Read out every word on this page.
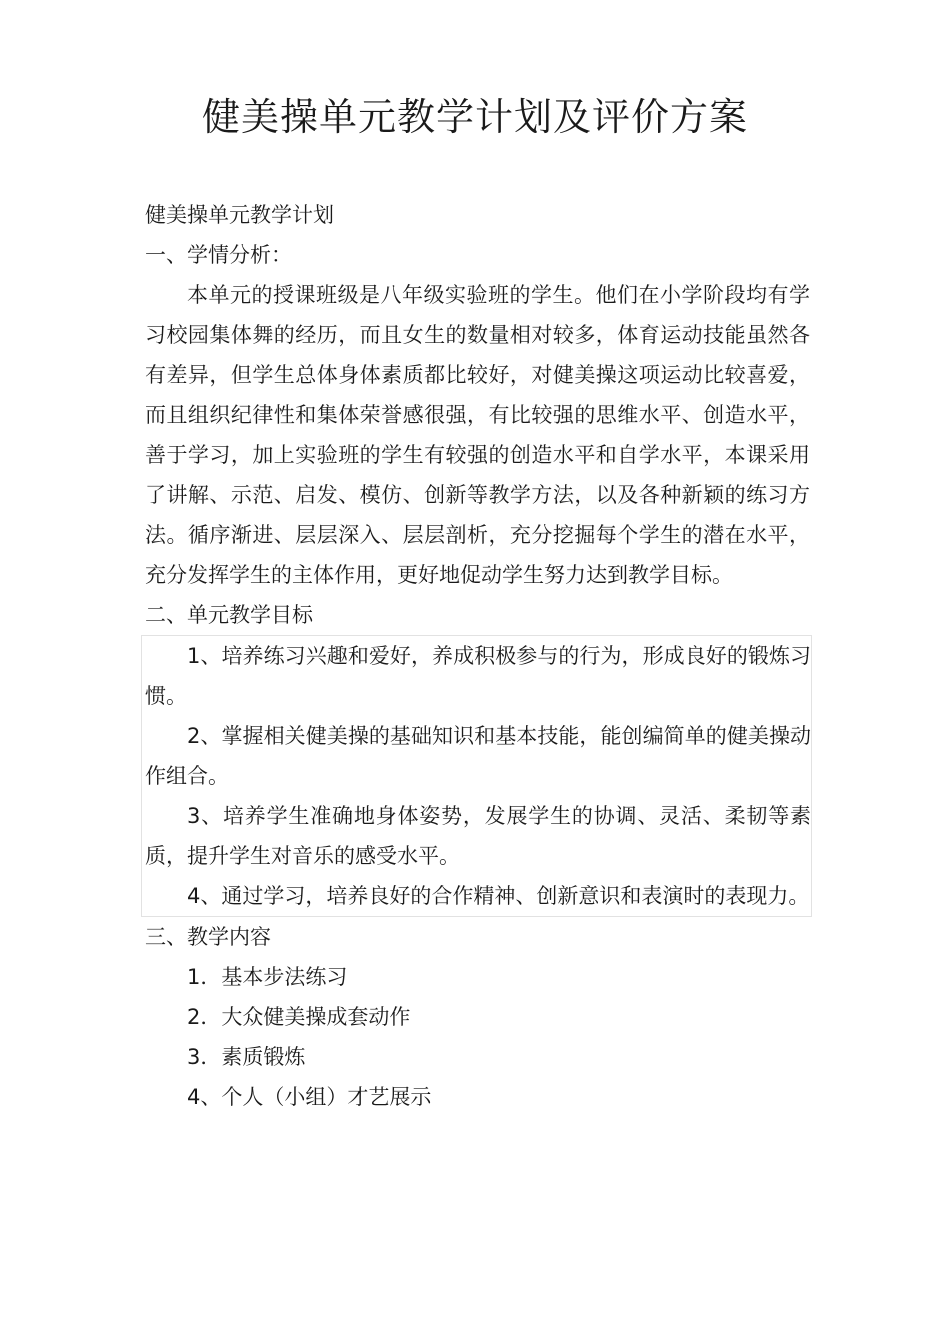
健美操单元教学计划及评价方案
健美操单元教学计划
一、学情分析：

本单元的授课班级是八年级实验班的学生。他们在小学阶段均有学习校园集体舞的经历，而且女生的数量相对较多，体育运动技能虽然各有差异，但学生总体身体素质都比较好，对健美操这项运动比较喜爱，而且组织纪律性和集体荣誉感很强，有比较强的思维水平、创造水平，善于学习，加上实验班的学生有较强的创造水平和自学水平，本课采用了讲解、示范、启发、模仿、创新等教学方法，以及各种新颖的练习方法。循序渐进、层层深入、层层剖析，充分挖掘每个学生的潜在水平，充分发挥学生的主体作用，更好地促动学生努力达到教学目标。

二、单元教学目标

1、培养练习兴趣和爱好，养成积极参与的行为，形成良好的锻炼习惯。

2、掌握相关健美操的基础知识和基本技能，能创编简单的健美操动作组合。

3、培养学生准确地身体姿势，发展学生的协调、灵活、柔韧等素质，提升学生对音乐的感受水平。

4、通过学习，培养良好的合作精神、创新意识和表演时的表现力。

三、教学内容
1．基本步法练习
2．大众健美操成套动作
3．素质锻炼
4、个人（小组）才艺展示
